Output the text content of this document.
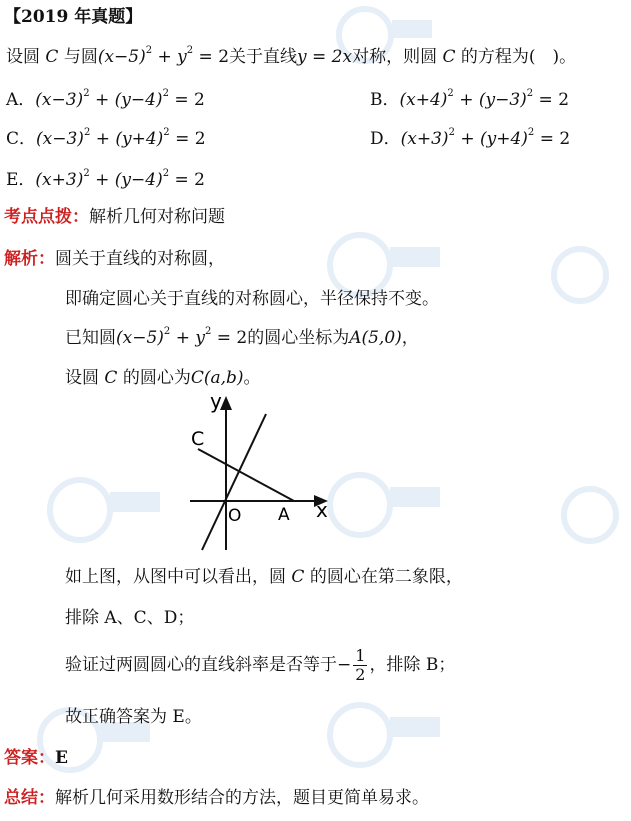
【2019 年真题】
设圆 C 与圆$(x-5)^2 + y^2 = 2$关于直线y = 2x对称，则圆 C 的方程为(　)。
A．$(x-3)^2 + (y-4)^2 = 2$	B．$(x+4)^2 + (y-3)^2 = 2$
C．$(x-3)^2 + (y+4)^2 = 2$	D．$(x+3)^2 + (y+4)^2 = 2$
E．$(x+3)^2 + (y-4)^2 = 2$
考点点拨：解析几何对称问题
解析：圆关于直线的对称圆，
即确定圆心关于直线的对称圆心，半径保持不变。
已知圆$(x-5)^2 + y^2 = 2$的圆心坐标为A(5,0)，
设圆 C 的圆心为C(a,b)。
y
C
O A x
如上图，从图中可以看出，圆 C 的圆心在第二象限，
排除 A、C、D；
验证过两圆圆心的直线斜率是否等于− $\frac{1}{2}$ ，排除 B；
故正确答案为 E。
答案：E
总结：解析几何采用数形结合的方法，题目更简单易求。
